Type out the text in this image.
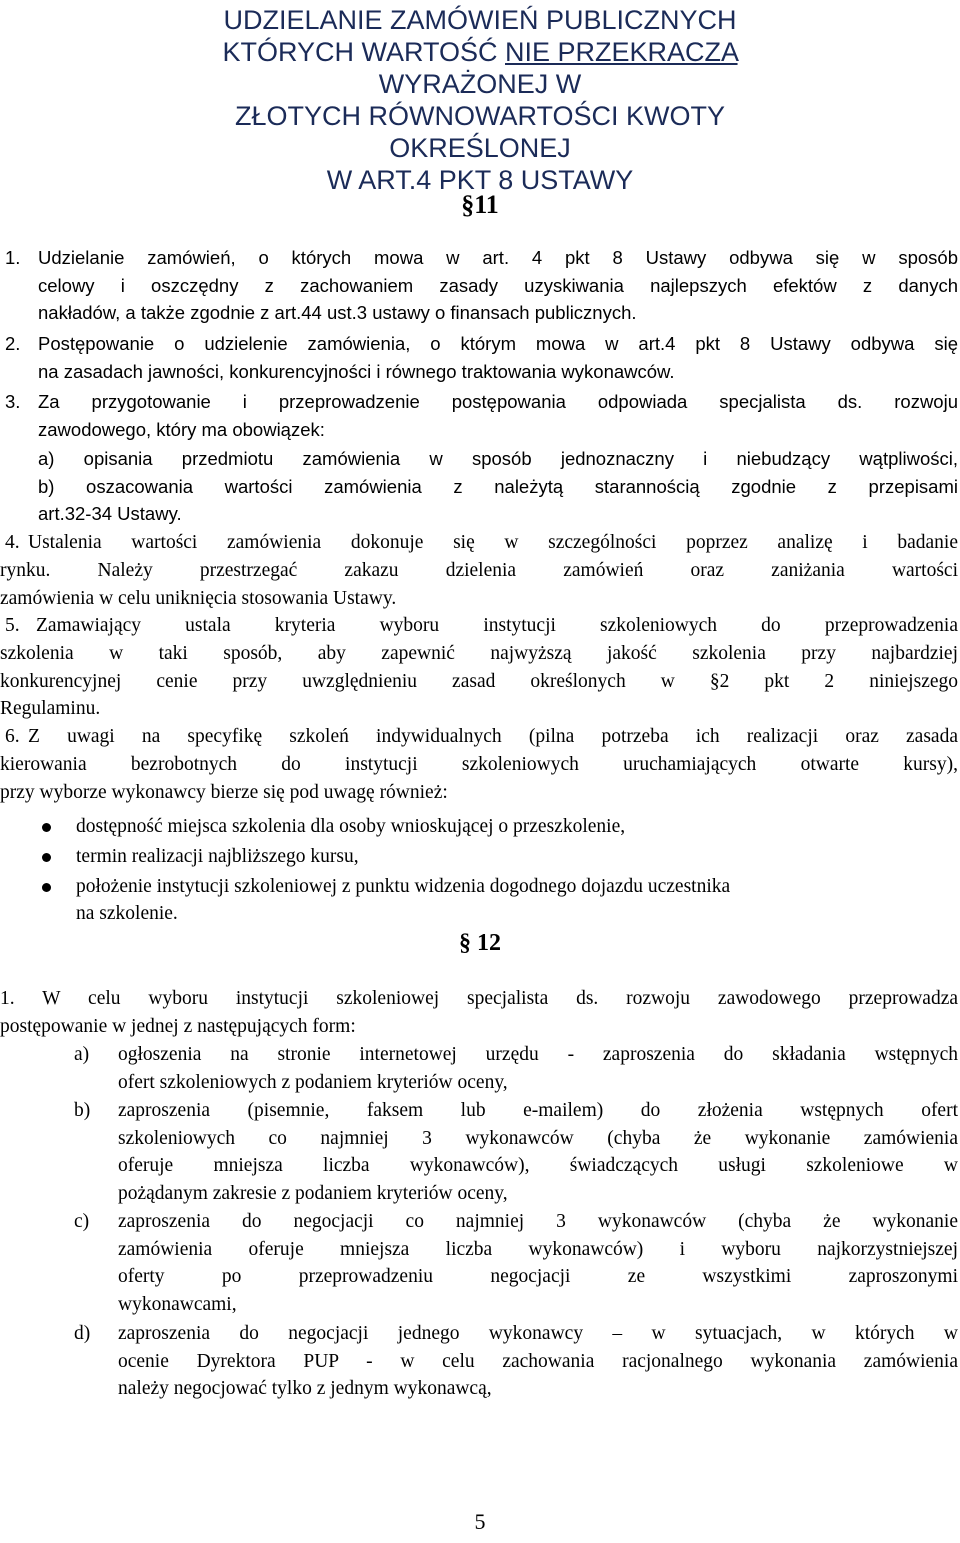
UDZIELANIE ZAMÓWIEŃ PUBLICZNYCH
KTÓRYCH WARTOŚĆ NIE PRZEKRACZA WYRAŻONEJ W
ZŁOTYCH RÓWNOWARTOŚCI KWOTY OKREŚLONEJ
W ART.4 PKT 8 USTAWY
§11
1. Udzielanie zamówień, o których mowa w art. 4 pkt 8 Ustawy odbywa się w sposób
celowy i oszczędny z zachowaniem zasady uzyskiwania najlepszych efektów z danych
nakładów, a także zgodnie z art.44 ust.3 ustawy o finansach publicznych.
2. Postępowanie o udzielenie zamówienia, o którym mowa w art.4 pkt 8 Ustawy odbywa się
na zasadach jawności, konkurencyjności i równego traktowania wykonawców.
3. Za przygotowanie i przeprowadzenie postępowania odpowiada specjalista ds. rozwoju
zawodowego, który ma obowiązek:
a) opisania przedmiotu zamówienia w sposób jednoznaczny i niebudzący wątpliwości,
b) oszacowania wartości zamówienia z należytą starannością zgodnie z przepisami
art.32-34 Ustawy.
4. Ustalenia wartości zamówienia dokonuje się w szczególności poprzez analizę i badanie
rynku. Należy przestrzegać zakazu dzielenia zamówień oraz zaniżania wartości
zamówienia w celu uniknięcia stosowania Ustawy.
5. Zamawiający ustala kryteria wyboru instytucji szkoleniowych do przeprowadzenia
szkolenia w taki sposób, aby zapewnić najwyższą jakość szkolenia przy najbardziej
konkurencyjnej cenie przy uwzględnieniu zasad określonych w §2 pkt 2 niniejszego
Regulaminu.
6. Z uwagi na specyfikę szkoleń indywidualnych (pilna potrzeba ich realizacji oraz zasada
kierowania bezrobotnych do instytucji szkoleniowych uruchamiających otwarte kursy),
przy wyborze wykonawcy bierze się pod uwagę również:
dostępność miejsca szkolenia dla osoby wnioskującej o przeszkolenie,
termin realizacji najbliższego kursu,
położenie instytucji szkoleniowej z punktu widzenia dogodnego dojazdu uczestnika
na szkolenie.
§ 12
1. W celu wyboru instytucji szkoleniowej specjalista ds. rozwoju zawodowego przeprowadza
postępowanie w jednej z następujących form:
a)	ogłoszenia na stronie internetowej urzędu - zaproszenia do składania wstępnych
ofert szkoleniowych z podaniem kryteriów oceny,
b)	zaproszenia (pisemnie, faksem lub e-mailem) do złożenia wstępnych ofert
szkoleniowych co najmniej 3 wykonawców (chyba że wykonanie zamówienia
oferuje mniejsza liczba wykonawców), świadczących usługi szkoleniowe w
pożądanym zakresie z podaniem kryteriów oceny,
c)	zaproszenia do negocjacji co najmniej 3 wykonawców (chyba że wykonanie
zamówienia oferuje mniejsza liczba wykonawców) i wyboru najkorzystniejszej
oferty po przeprowadzeniu negocjacji ze wszystkimi zaproszonymi
wykonawcami,
d)	zaproszenia do negocjacji jednego wykonawcy – w sytuacjach, w których w
ocenie Dyrektora PUP - w celu zachowania racjonalnego wykonania zamówienia
należy negocjować tylko z jednym wykonawcą,
5
